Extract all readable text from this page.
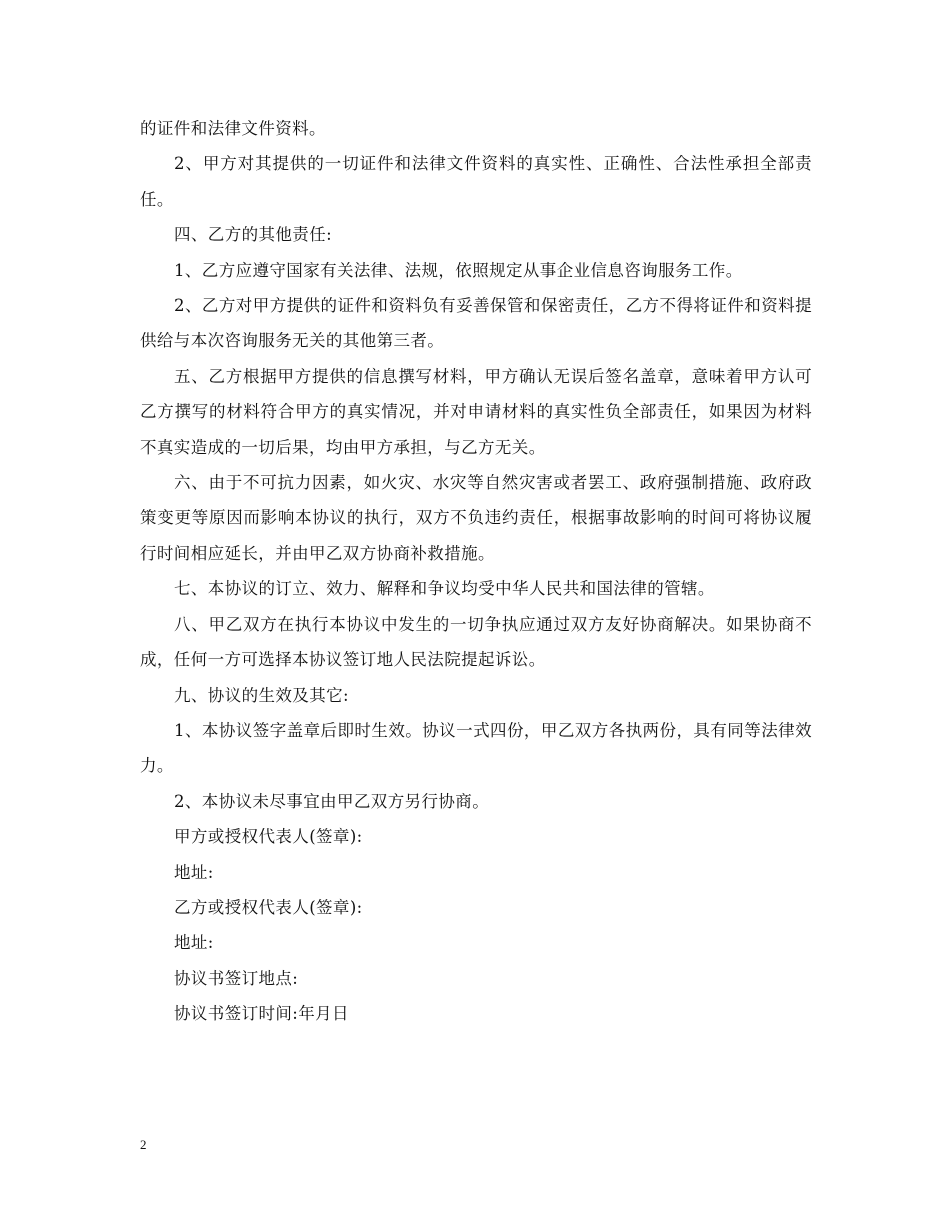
的证件和法律文件资料。

2、甲方对其提供的一切证件和法律文件资料的真实性、正确性、合法性承担全部责任。

四、乙方的其他责任:

1、乙方应遵守国家有关法律、法规，依照规定从事企业信息咨询服务工作。

2、乙方对甲方提供的证件和资料负有妥善保管和保密责任，乙方不得将证件和资料提供给与本次咨询服务无关的其他第三者。

五、乙方根据甲方提供的信息撰写材料，甲方确认无误后签名盖章，意味着甲方认可乙方撰写的材料符合甲方的真实情况，并对申请材料的真实性负全部责任，如果因为材料不真实造成的一切后果，均由甲方承担，与乙方无关。

六、由于不可抗力因素，如火灾、水灾等自然灾害或者罢工、政府强制措施、政府政策变更等原因而影响本协议的执行，双方不负违约责任，根据事故影响的时间可将协议履行时间相应延长，并由甲乙双方协商补救措施。

七、本协议的订立、效力、解释和争议均受中华人民共和国法律的管辖。

八、甲乙双方在执行本协议中发生的一切争执应通过双方友好协商解决。如果协商不成，任何一方可选择本协议签订地人民法院提起诉讼。

九、协议的生效及其它:

1、本协议签字盖章后即时生效。协议一式四份，甲乙双方各执两份，具有同等法律效力。

2、本协议未尽事宜由甲乙双方另行协商。

甲方或授权代表人(签章):

地址:

乙方或授权代表人(签章):

地址:

协议书签订地点:

协议书签订时间:年月日

2
